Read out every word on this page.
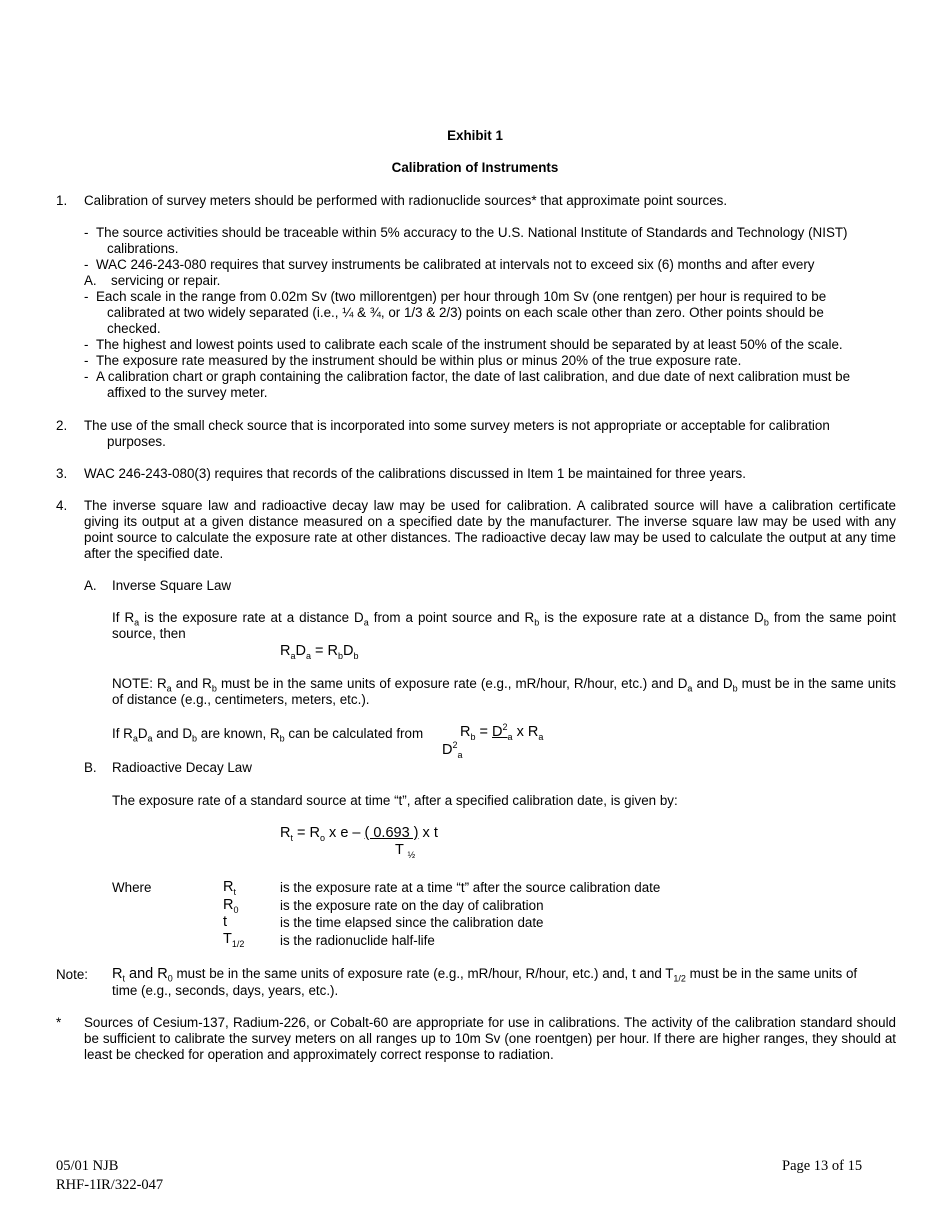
Exhibit 1
Calibration of Instruments
1. Calibration of survey meters should be performed with radionuclide sources* that approximate point sources.
- The source activities should be traceable within 5% accuracy to the U.S. National Institute of Standards and Technology (NIST)
calibrations.
- WAC 246-243-080 requires that survey instruments be calibrated at intervals not to exceed six (6) months and after every
A. servicing or repair.
- Each scale in the range from 0.02m Sv (two millorentgen) per hour through 10m Sv (one rentgen) per hour is required to be
calibrated at two widely separated (i.e., ¼ & ¾, or 1/3 & 2/3) points on each scale other than zero. Other points should be
checked.
- The highest and lowest points used to calibrate each scale of the instrument should be separated by at least 50% of the scale.
- The exposure rate measured by the instrument should be within plus or minus 20% of the true exposure rate.
- A calibration chart or graph containing the calibration factor, the date of last calibration, and due date of next calibration must be
affixed to the survey meter.
2. The use of the small check source that is incorporated into some survey meters is not appropriate or acceptable for calibration
purposes.
3. WAC 246-243-080(3) requires that records of the calibrations discussed in Item 1 be maintained for three years.
4. The inverse square law and radioactive decay law may be used for calibration. A calibrated source will have a calibration certificate giving its output at a given distance measured on a specified date by the manufacturer. The inverse square law may be used with any point source to calculate the exposure rate at other distances. The radioactive decay law may be used to calculate the output at any time after the specified date.
A. Inverse Square Law
If $R_a$ is the exposure rate at a distance $D_a$ from a point source and $R_b$ is the exposure rate at a distance $D_b$ from the same point source, then
$R_aD_a = R_bD_b$
NOTE: $R_a$ and $R_b$ must be in the same units of exposure rate (e.g., mR/hour, R/hour, etc.) and $D_a$ and $D_b$ must be in the same units of distance (e.g., centimeters, meters, etc.).
If $R_aD_a$ and $D_b$ are known, $R_b$ can be calculated from	$R_b = D^2_a$ x $R_a$
$D^2_a$
B. Radioactive Decay Law
The exposure rate of a standard source at time “t”, after a specified calibration date, is given by:
$R_t = R_o$ x e – ( 0.693 ) x t
T $_{\frac{1}{2}}$
Where	$R_t$	is the exposure rate at a time “t” after the source calibration date
$R_0$	is the exposure rate on the day of calibration
t	is the time elapsed since the calibration date
$T_{1/2}$	is the radionuclide half-life
Note: $R_t$ and $R_0$ must be in the same units of exposure rate (e.g., mR/hour, R/hour, etc.) and, t and $T_{1/2}$ must be in the same units of
time (e.g., seconds, days, years, etc.).
* Sources of Cesium-137, Radium-226, or Cobalt-60 are appropriate for use in calibrations. The activity of the calibration standard should be sufficient to calibrate the survey meters on all ranges up to 10m Sv (one roentgen) per hour. If there are higher ranges, they should at least be checked for operation and approximately correct response to radiation.
05/01 NJB
RHF-1IR/322-047
Page 13 of 15
